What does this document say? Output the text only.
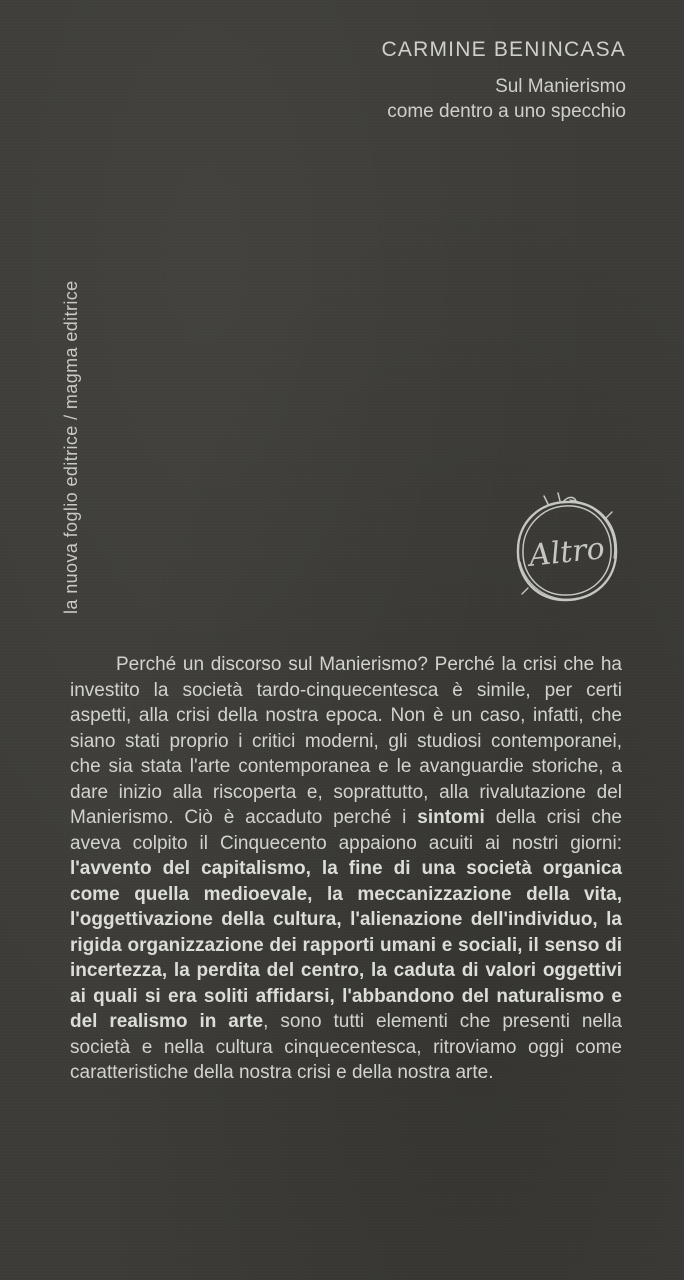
CARMINE BENINCASA
Sul Manierismo
come dentro a uno specchio
la nuova foglio editrice / magma editrice	Altro
Perché un discorso sul Manierismo? Perché la crisi che ha investito la società tardo-cinquecentesca è simile, per certi aspetti, alla crisi della nostra epoca. Non è un caso, infatti, che siano stati proprio i critici moderni, gli studiosi contemporanei, che sia stata l'arte contemporanea e le avanguardie storiche, a dare inizio alla riscoperta e, soprattutto, alla rivalutazione del Manierismo. Ciò è accaduto perché i sintomi della crisi che aveva colpito il Cinquecento appaiono acuiti ai nostri giorni: l'avvento del capitalismo, la fine di una società organica come quella medioevale, la meccanizzazione della vita, l'oggettivazione della cultura, l'alienazione dell'individuo, la rigida organizzazione dei rapporti umani e sociali, il senso di incertezza, la perdita del centro, la caduta di valori oggettivi ai quali si era soliti affidarsi, l'abbandono del naturalismo e del realismo in arte, sono tutti elementi che presenti nella società e nella cultura cinquecentesca, ritroviamo oggi come caratteristiche della nostra crisi e della nostra arte.
